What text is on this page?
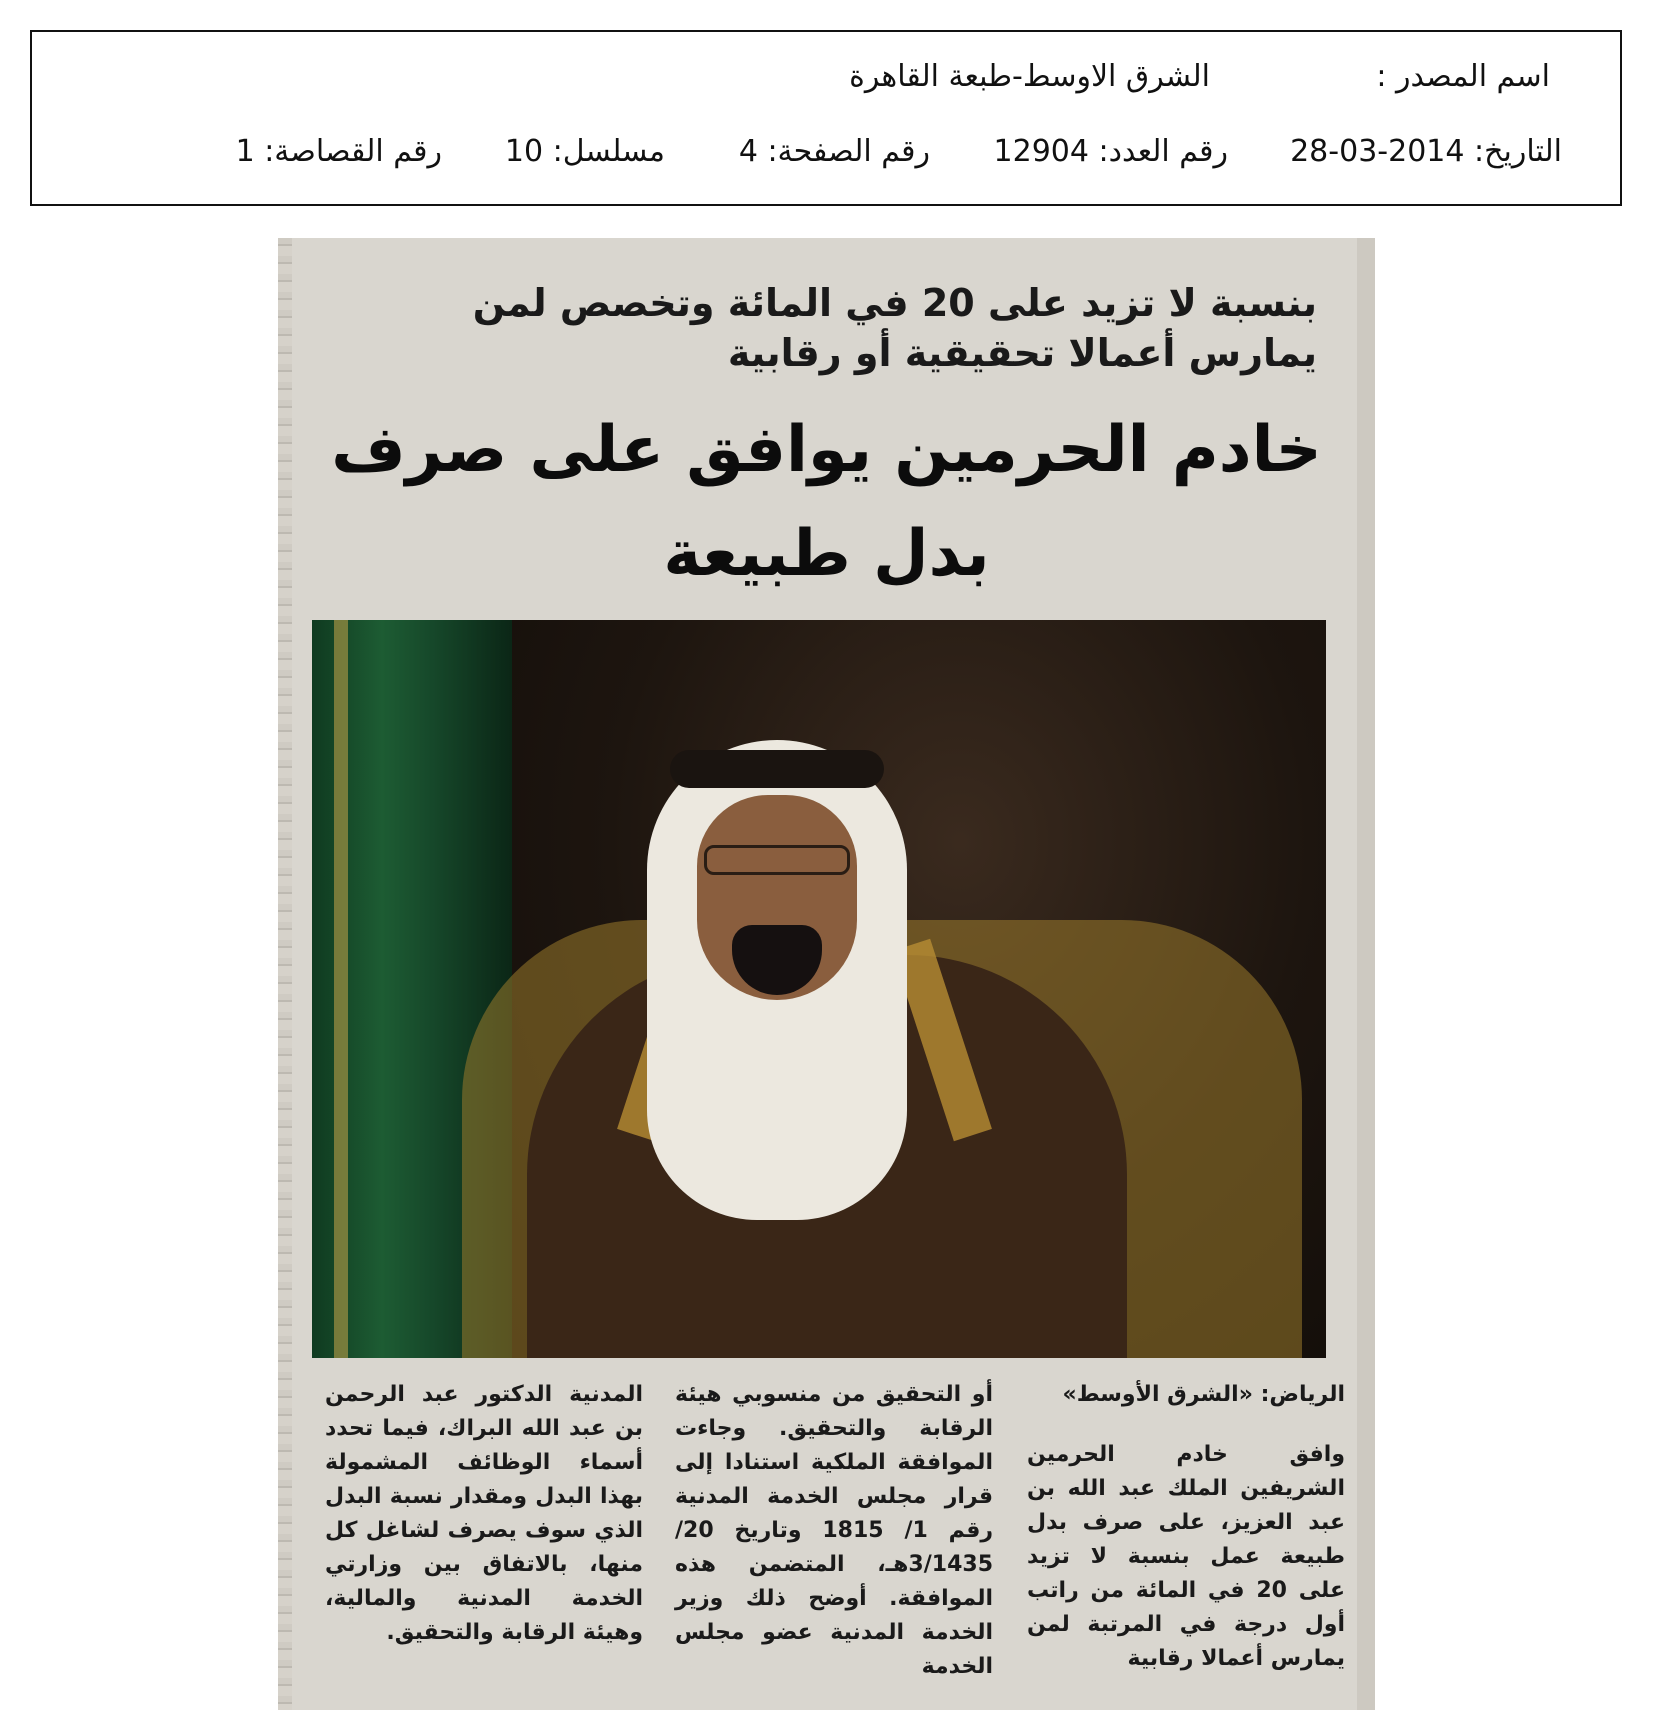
اسم المصدر :
الشرق الاوسط-طبعة القاهرة
التاريخ: 2014-03-28
رقم العدد: 12904
رقم الصفحة: 4
مسلسل: 10
رقم القصاصة: 1

بنسبة لا تزيد على 20 في المائة وتخصص لمن يمارس أعمالا تحقيقية أو رقابية

خادم الحرمين يوافق على صرف بدل طبيعة

الرياض: «الشرق الأوسط»
وافق خادم الحرمين الشريفين الملك عبد الله بن عبد العزيز، على صرف بدل طبيعة عمل بنسبة لا تزيد على 20 في المائة من راتب أول درجة في المرتبة لمن يمارس أعمالا رقابية
أو التحقيق من منسوبي هيئة الرقابة والتحقيق. وجاءت الموافقة الملكية استنادا إلى قرار مجلس الخدمة المدنية رقم 1/ 1815 وتاريخ 20/ 3/1435هـ، المتضمن هذه الموافقة. أوضح ذلك وزير الخدمة المدنية عضو مجلس الخدمة
المدنية الدكتور عبد الرحمن بن عبد الله البراك، فيما تحدد أسماء الوظائف المشمولة بهذا البدل ومقدار نسبة البدل الذي سوف يصرف لشاغل كل منها، بالاتفاق بين وزارتي الخدمة المدنية والمالية، وهيئة الرقابة والتحقيق.
